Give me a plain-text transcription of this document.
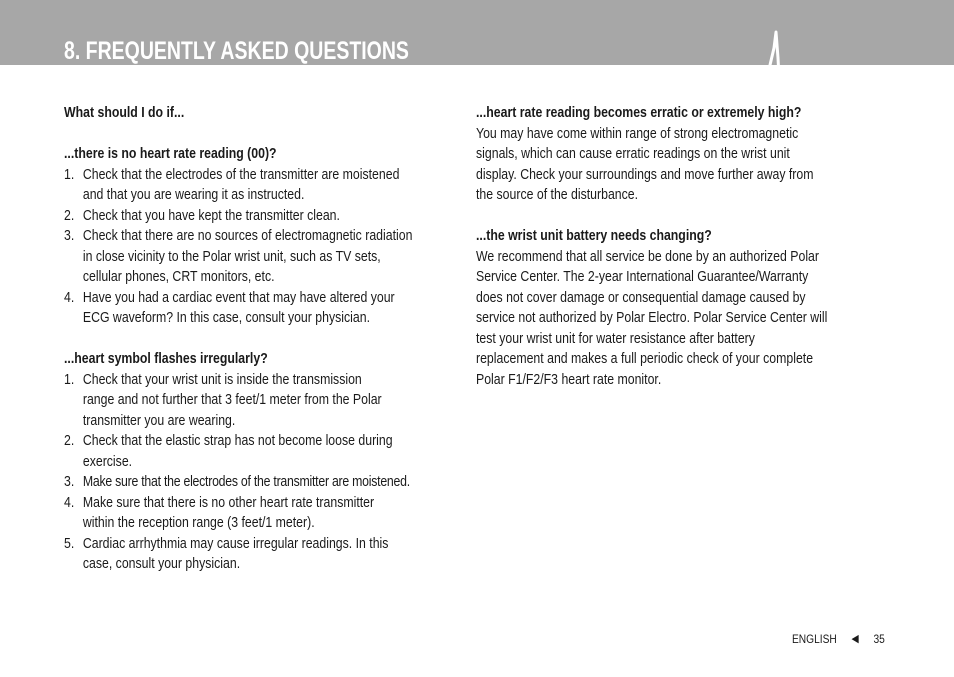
8. FREQUENTLY ASKED QUESTIONS
What should I do if...
...there is no heart rate reading (00)?
1. Check that the electrodes of the transmitter are moistened
and that you are wearing it as instructed.
2. Check that you have kept the transmitter clean.
3. Check that there are no sources of electromagnetic radiation
in close vicinity to the Polar wrist unit, such as TV sets,
cellular phones, CRT monitors, etc.
4. Have you had a cardiac event that may have altered your
ECG waveform? In this case, consult your physician.
...heart symbol flashes irregularly?
1. Check that your wrist unit is inside the transmission
range and not further that 3 feet/1 meter from the Polar
transmitter you are wearing.
2. Check that the elastic strap has not become loose during
exercise.
3. Make sure that the electrodes of the transmitter are moistened.
4. Make sure that there is no other heart rate transmitter
within the reception range (3 feet/1 meter).
5. Cardiac arrhythmia may cause irregular readings. In this
case, consult your physician.
...heart rate reading becomes erratic or extremely high?
You may have come within range of strong electromagnetic
signals, which can cause erratic readings on the wrist unit
display. Check your surroundings and move further away from
the source of the disturbance.
...the wrist unit battery needs changing?
We recommend that all service be done by an authorized Polar
Service Center. The 2-year International Guarantee/Warranty
does not cover damage or consequential damage caused by
service not authorized by Polar Electro. Polar Service Center will
test your wrist unit for water resistance after battery
replacement and makes a full periodic check of your complete
Polar F1/F2/F3 heart rate monitor.
ENGLISH ◀ 35
